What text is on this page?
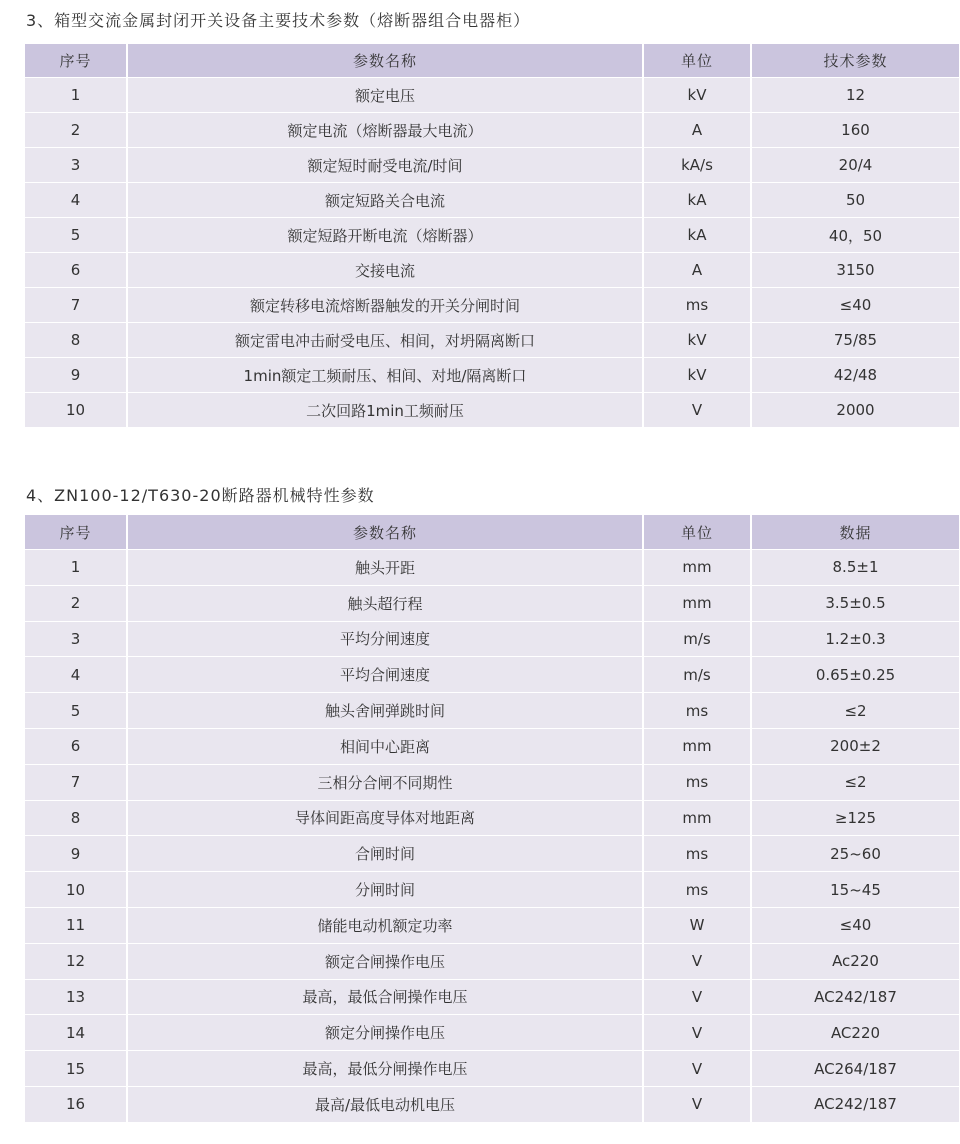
3、箱型交流金属封闭开关设备主要技术参数（熔断器组合电器柜）
序号	参数名称	单位	技术参数
1	额定电压	kV	12
2	额定电流（熔断器最大电流）	A	160
3	额定短时耐受电流/时间	kA/s	20/4
4	额定短路关合电流	kA	50
5	额定短路开断电流（熔断器）	kA	40，50
6	交接电流	A	3150
7	额定转移电流熔断器触发的开关分闸时间	ms	≤40
8	额定雷电冲击耐受电压、相间，对坍隔离断口	kV	75/85
9	1min额定工频耐压、相间、对地/隔离断口	kV	42/48
10	二次回路1min工频耐压	V	2000
4、ZN100-12/T630-20断路器机械特性参数
序号	参数名称	单位	数据
1	触头开距	mm	8.5±1
2	触头超行程	mm	3.5±0.5
3	平均分闸速度	m/s	1.2±0.3
4	平均合闸速度	m/s	0.65±0.25
5	触头舍闸弹跳时间	ms	≤2
6	相间中心距离	mm	200±2
7	三相分合闸不同期性	ms	≤2
8	导体间距高度导体对地距离	mm	≥125
9	合闸时间	ms	25~60
10	分闸时间	ms	15~45
11	储能电动机额定功率	W	≤40
12	额定合闸操作电压	V	Ac220
13	最高，最低合闸操作电压	V	AC242/187
14	额定分闸操作电压	V	AC220
15	最高，最低分闸操作电压	V	AC264/187
16	最高/最低电动机电压	V	AC242/187
